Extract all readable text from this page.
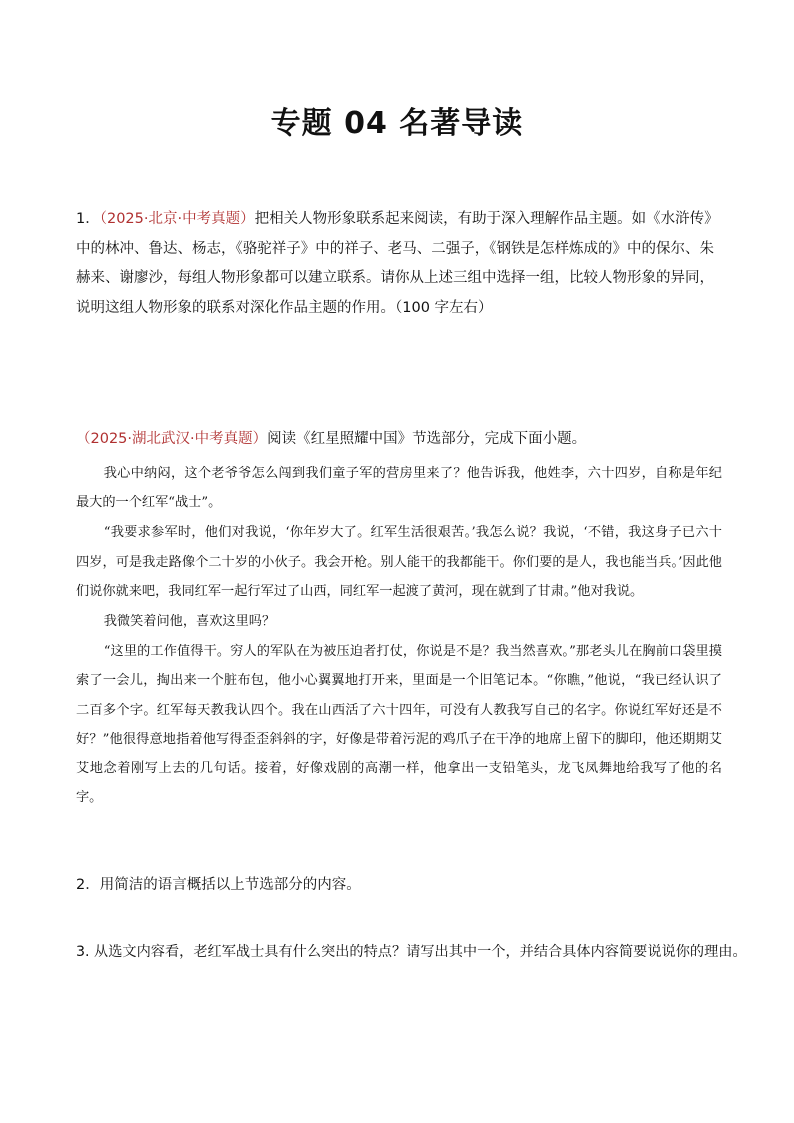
专题 04 名著导读
1．（2025·北京·中考真题）把相关人物形象联系起来阅读，有助于深入理解作品主题。如《水浒传》中的林冲、鲁达、杨志，《骆驼祥子》中的祥子、老马、二强子，《钢铁是怎样炼成的》中的保尔、朱赫来、谢廖沙，每组人物形象都可以建立联系。请你从上述三组中选择一组，比较人物形象的异同，说明这组人物形象的联系对深化作品主题的作用。（100 字左右）
（2025·湖北武汉·中考真题）阅读《红星照耀中国》节选部分，完成下面小题。

我心中纳闷，这个老爷爷怎么闯到我们童子军的营房里来了？他告诉我，他姓李，六十四岁，自称是年纪最大的一个红军“战士”。

“我要求参军时，他们对我说，‘你年岁大了。红军生活很艰苦。’我怎么说？我说，‘不错，我这身子已六十四岁，可是我走路像个二十岁的小伙子。我会开枪。别人能干的我都能干。你们要的是人，我也能当兵。’因此他们说你就来吧，我同红军一起行军过了山西，同红军一起渡了黄河，现在就到了甘肃。”他对我说。

我微笑着问他，喜欢这里吗？

“这里的工作值得干。穷人的军队在为被压迫者打仗，你说是不是？我当然喜欢。”那老头儿在胸前口袋里摸索了一会儿，掏出来一个脏布包，他小心翼翼地打开来，里面是一个旧笔记本。“你瞧，”他说，“我已经认识了二百多个字。红军每天教我认四个。我在山西活了六十四年，可没有人教我写自己的名字。你说红军好还是不好？”他很得意地指着他写得歪歪斜斜的字，好像是带着污泥的鸡爪子在干净的地席上留下的脚印，他还期期艾艾地念着刚写上去的几句话。接着，好像戏剧的高潮一样，他拿出一支铅笔头，龙飞凤舞地给我写了他的名字。

2．用简洁的语言概括以上节选部分的内容。
3. 从选文内容看，老红军战士具有什么突出的特点？请写出其中一个，并结合具体内容简要说说你的理由。
